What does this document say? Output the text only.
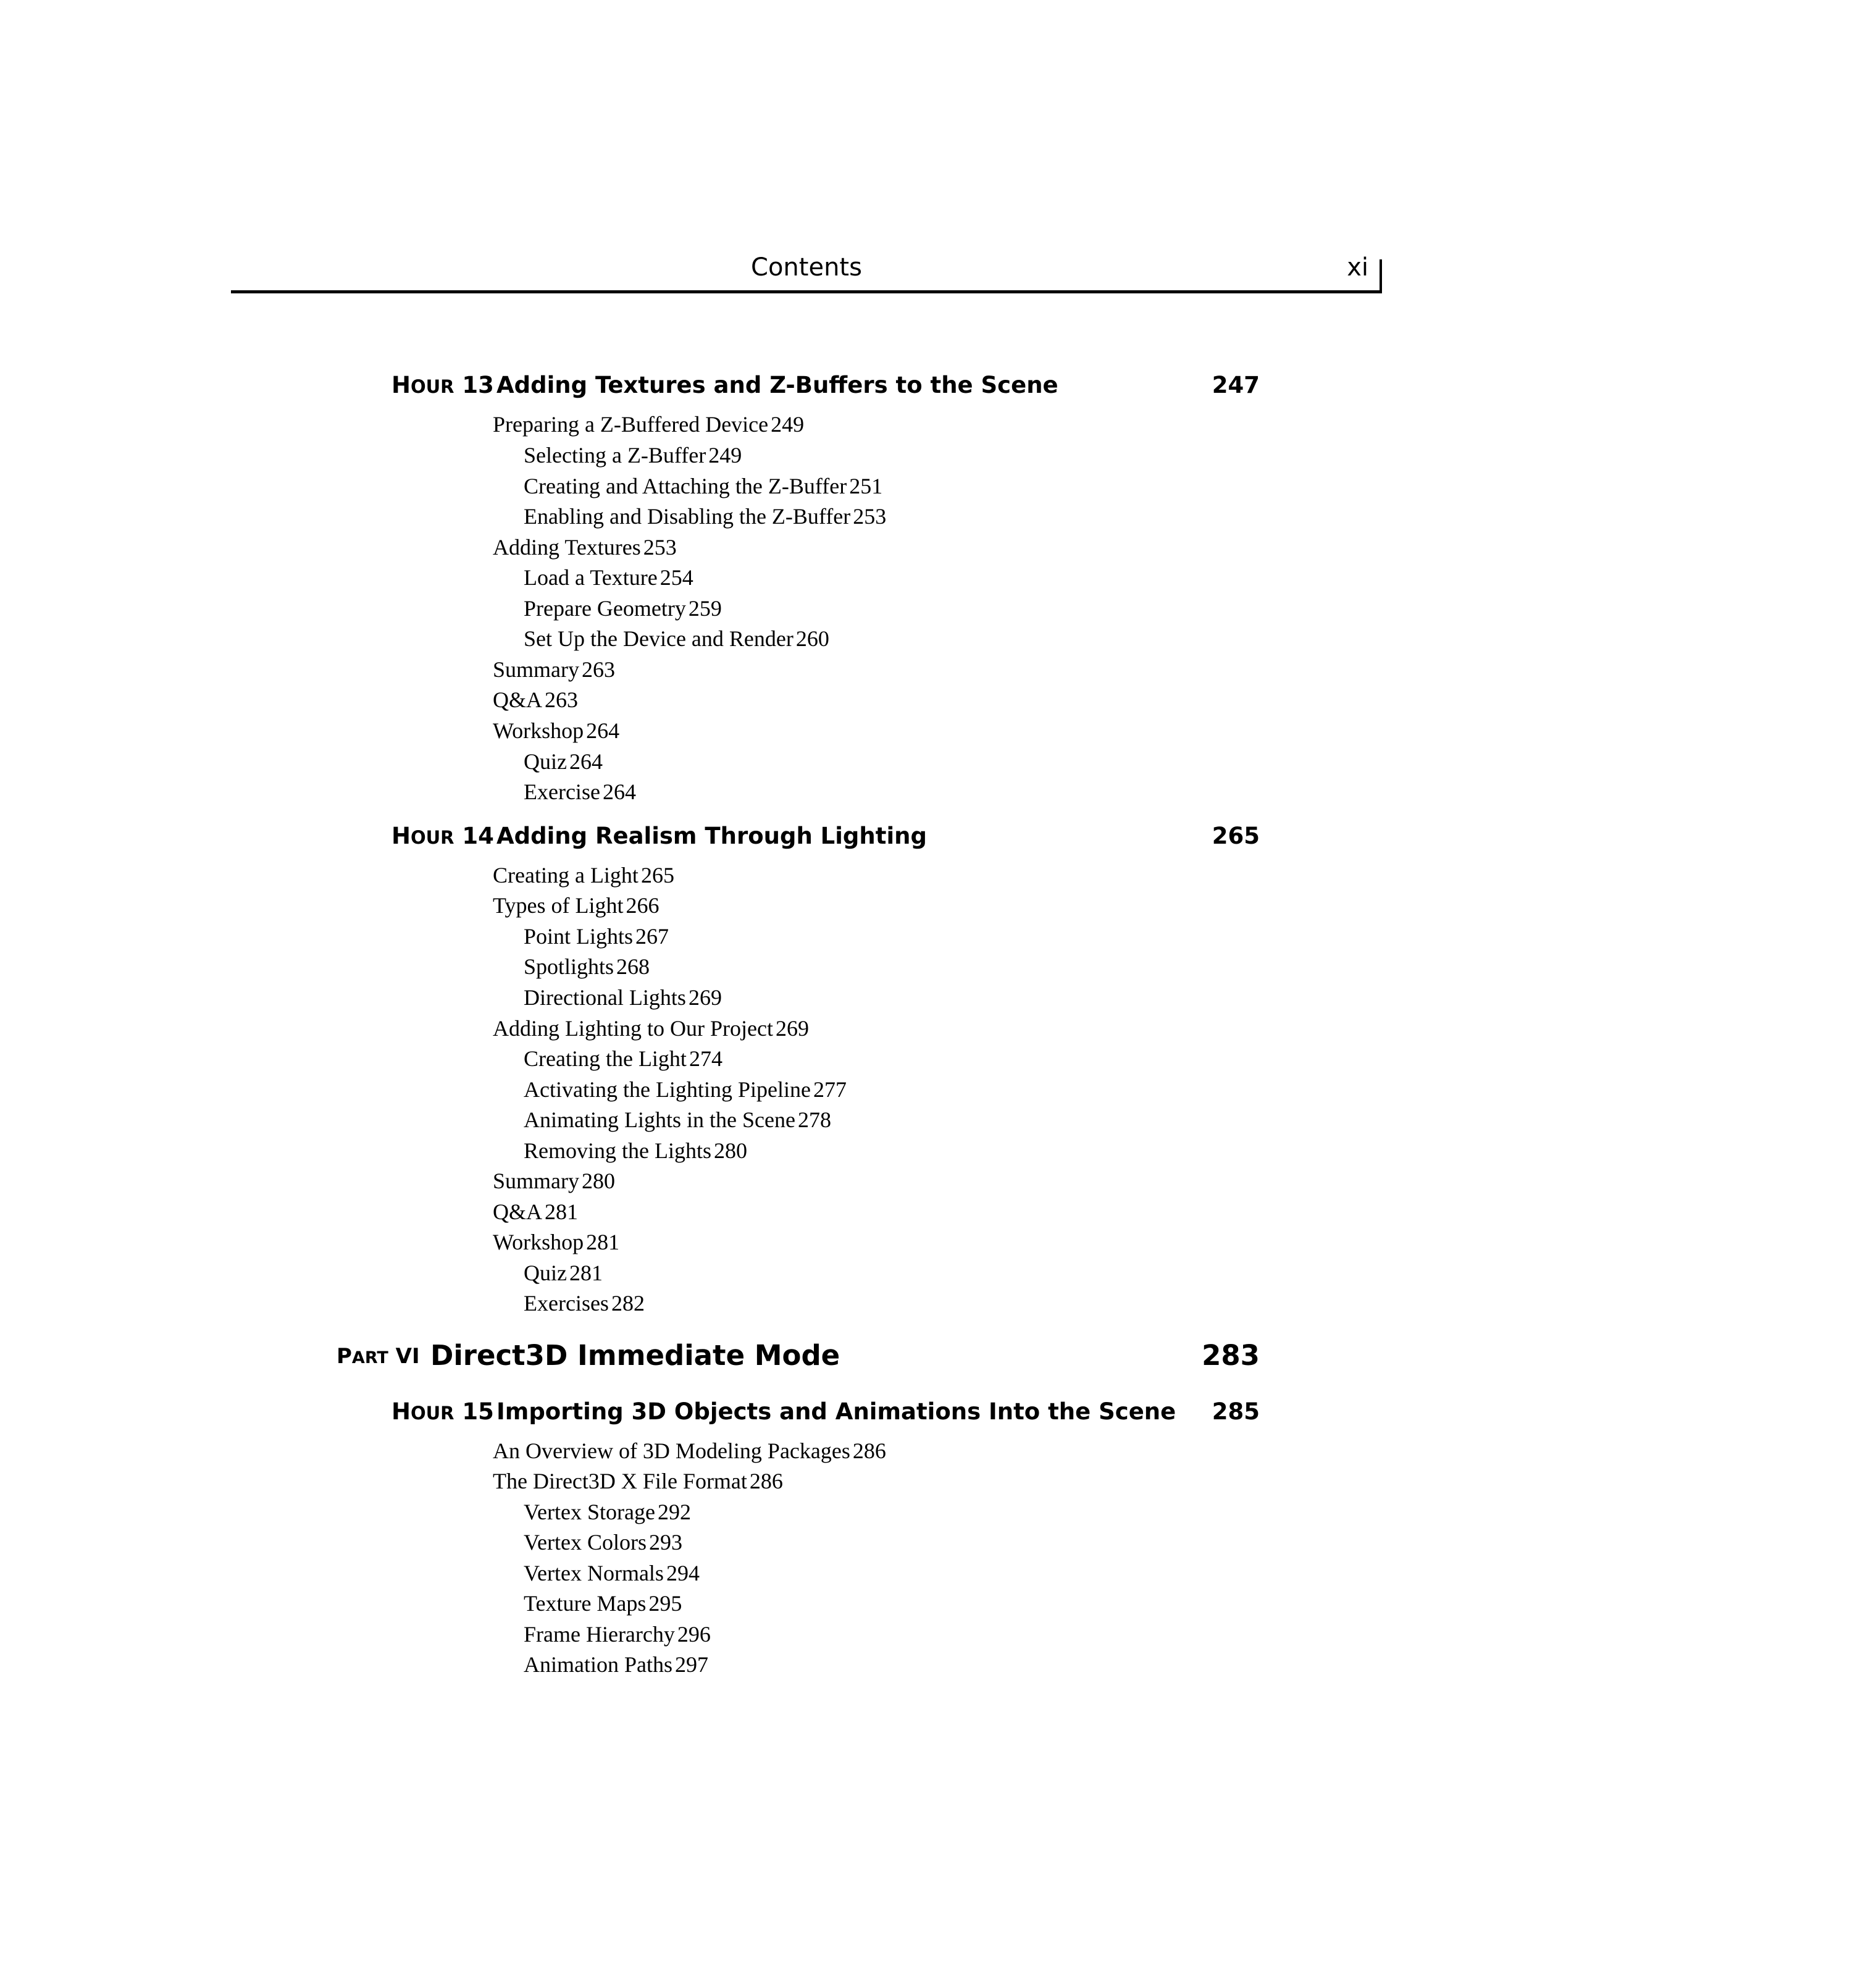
Contents	xi
HOUR 13 Adding Textures and Z-Buffers to the Scene	247
Preparing a Z-Buffered Device 249
Selecting a Z-Buffer 249
Creating and Attaching the Z-Buffer 251
Enabling and Disabling the Z-Buffer 253
Adding Textures 253
Load a Texture 254
Prepare Geometry 259
Set Up the Device and Render 260
Summary 263
Q&A 263
Workshop 264
Quiz 264
Exercise 264
HOUR 14 Adding Realism Through Lighting	265
Creating a Light 265
Types of Light 266
Point Lights 267
Spotlights 268
Directional Lights 269
Adding Lighting to Our Project 269
Creating the Light 274
Activating the Lighting Pipeline 277
Animating Lights in the Scene 278
Removing the Lights 280
Summary 280
Q&A 281
Workshop 281
Quiz 281
Exercises 282
PART VI Direct3D Immediate Mode	283
HOUR 15 Importing 3D Objects and Animations Into the Scene 285
An Overview of 3D Modeling Packages 286
The Direct3D X File Format 286
Vertex Storage 292
Vertex Colors 293
Vertex Normals 294
Texture Maps 295
Frame Hierarchy 296
Animation Paths 297
